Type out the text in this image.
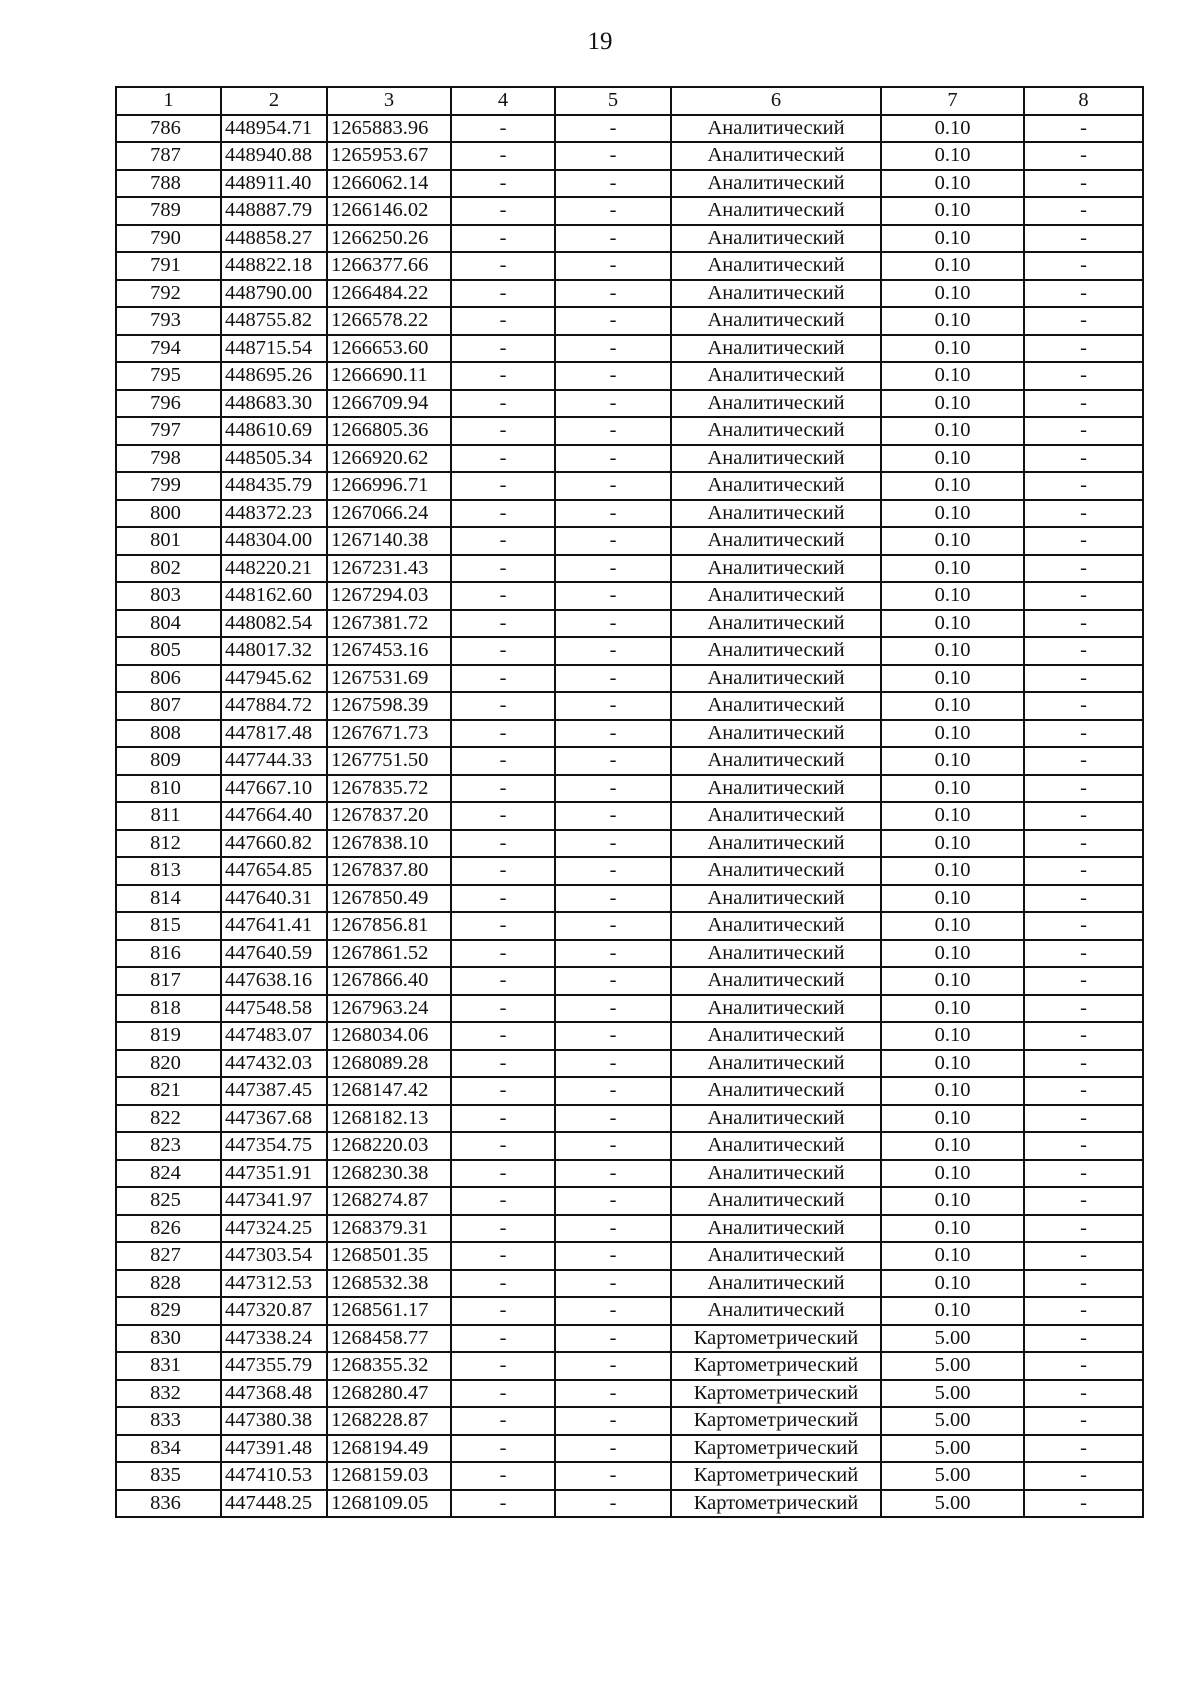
19
1	2	3	4	5	6	7	8
786	448954.71	1265883.96	-	-	Аналитический	0.10	-
787	448940.88	1265953.67	-	-	Аналитический	0.10	-
788	448911.40	1266062.14	-	-	Аналитический	0.10	-
789	448887.79	1266146.02	-	-	Аналитический	0.10	-
790	448858.27	1266250.26	-	-	Аналитический	0.10	-
791	448822.18	1266377.66	-	-	Аналитический	0.10	-
792	448790.00	1266484.22	-	-	Аналитический	0.10	-
793	448755.82	1266578.22	-	-	Аналитический	0.10	-
794	448715.54	1266653.60	-	-	Аналитический	0.10	-
795	448695.26	1266690.11	-	-	Аналитический	0.10	-
796	448683.30	1266709.94	-	-	Аналитический	0.10	-
797	448610.69	1266805.36	-	-	Аналитический	0.10	-
798	448505.34	1266920.62	-	-	Аналитический	0.10	-
799	448435.79	1266996.71	-	-	Аналитический	0.10	-
800	448372.23	1267066.24	-	-	Аналитический	0.10	-
801	448304.00	1267140.38	-	-	Аналитический	0.10	-
802	448220.21	1267231.43	-	-	Аналитический	0.10	-
803	448162.60	1267294.03	-	-	Аналитический	0.10	-
804	448082.54	1267381.72	-	-	Аналитический	0.10	-
805	448017.32	1267453.16	-	-	Аналитический	0.10	-
806	447945.62	1267531.69	-	-	Аналитический	0.10	-
807	447884.72	1267598.39	-	-	Аналитический	0.10	-
808	447817.48	1267671.73	-	-	Аналитический	0.10	-
809	447744.33	1267751.50	-	-	Аналитический	0.10	-
810	447667.10	1267835.72	-	-	Аналитический	0.10	-
811	447664.40	1267837.20	-	-	Аналитический	0.10	-
812	447660.82	1267838.10	-	-	Аналитический	0.10	-
813	447654.85	1267837.80	-	-	Аналитический	0.10	-
814	447640.31	1267850.49	-	-	Аналитический	0.10	-
815	447641.41	1267856.81	-	-	Аналитический	0.10	-
816	447640.59	1267861.52	-	-	Аналитический	0.10	-
817	447638.16	1267866.40	-	-	Аналитический	0.10	-
818	447548.58	1267963.24	-	-	Аналитический	0.10	-
819	447483.07	1268034.06	-	-	Аналитический	0.10	-
820	447432.03	1268089.28	-	-	Аналитический	0.10	-
821	447387.45	1268147.42	-	-	Аналитический	0.10	-
822	447367.68	1268182.13	-	-	Аналитический	0.10	-
823	447354.75	1268220.03	-	-	Аналитический	0.10	-
824	447351.91	1268230.38	-	-	Аналитический	0.10	-
825	447341.97	1268274.87	-	-	Аналитический	0.10	-
826	447324.25	1268379.31	-	-	Аналитический	0.10	-
827	447303.54	1268501.35	-	-	Аналитический	0.10	-
828	447312.53	1268532.38	-	-	Аналитический	0.10	-
829	447320.87	1268561.17	-	-	Аналитический	0.10	-
830	447338.24	1268458.77	-	-	Картометрический	5.00	-
831	447355.79	1268355.32	-	-	Картометрический	5.00	-
832	447368.48	1268280.47	-	-	Картометрический	5.00	-
833	447380.38	1268228.87	-	-	Картометрический	5.00	-
834	447391.48	1268194.49	-	-	Картометрический	5.00	-
835	447410.53	1268159.03	-	-	Картометрический	5.00	-
836	447448.25	1268109.05	-	-	Картометрический	5.00	-
